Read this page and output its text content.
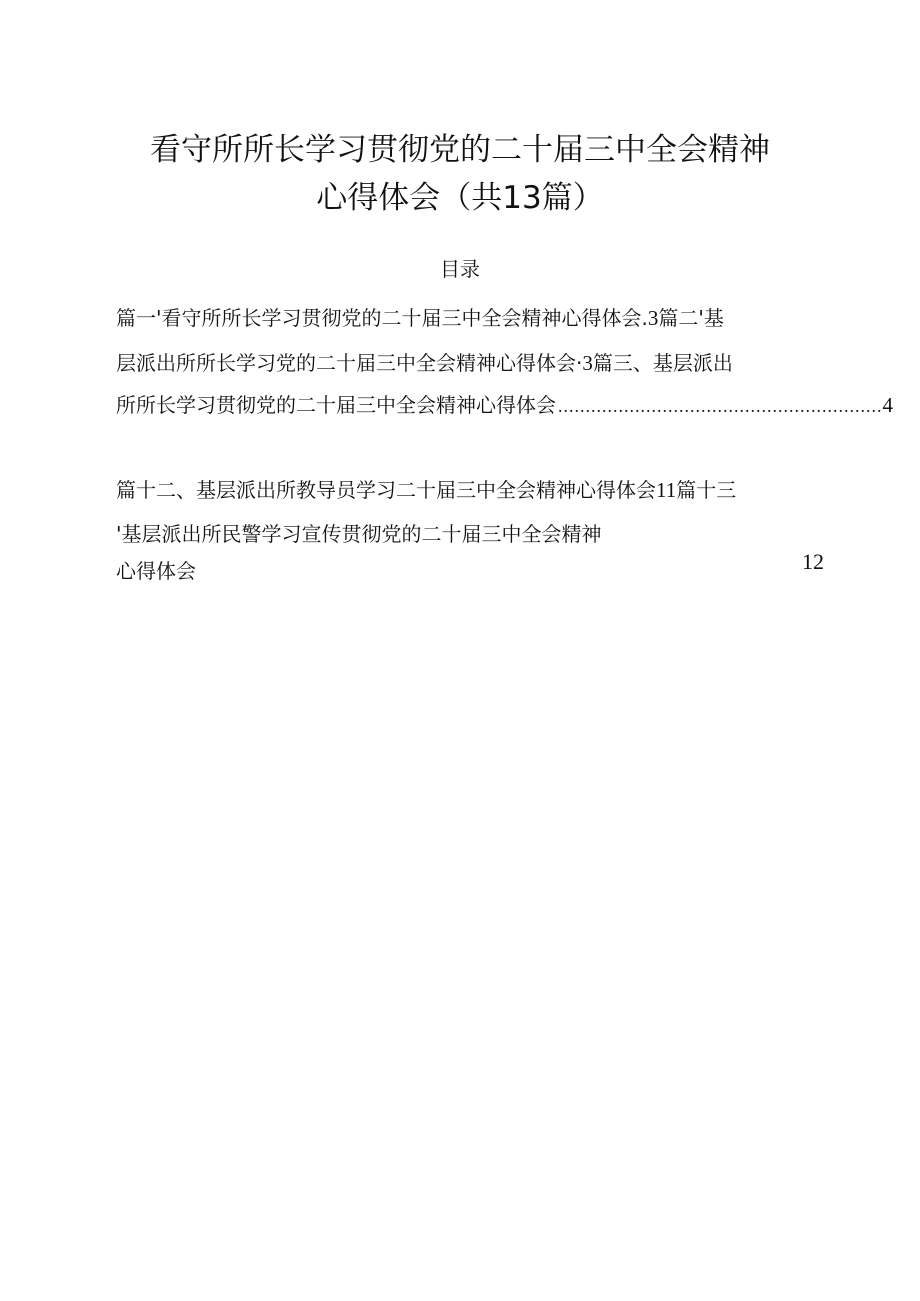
看守所所长学习贯彻党的二十届三中全会精神
心得体会（共13篇）
目录
篇一'看守所所长学习贯彻党的二十届三中全会精神心得体会.3篇二'基
层派出所所长学习党的二十届三中全会精神心得体会·3篇三、基层派出
所所长学习贯彻党的二十届三中全会精神心得体会 ........................................................... 4
篇十二、基层派出所教导员学习二十届三中全会精神心得体会11篇十三
'基层派出所民警学习宣传贯彻党的二十届三中全会精神
心得体会	12
